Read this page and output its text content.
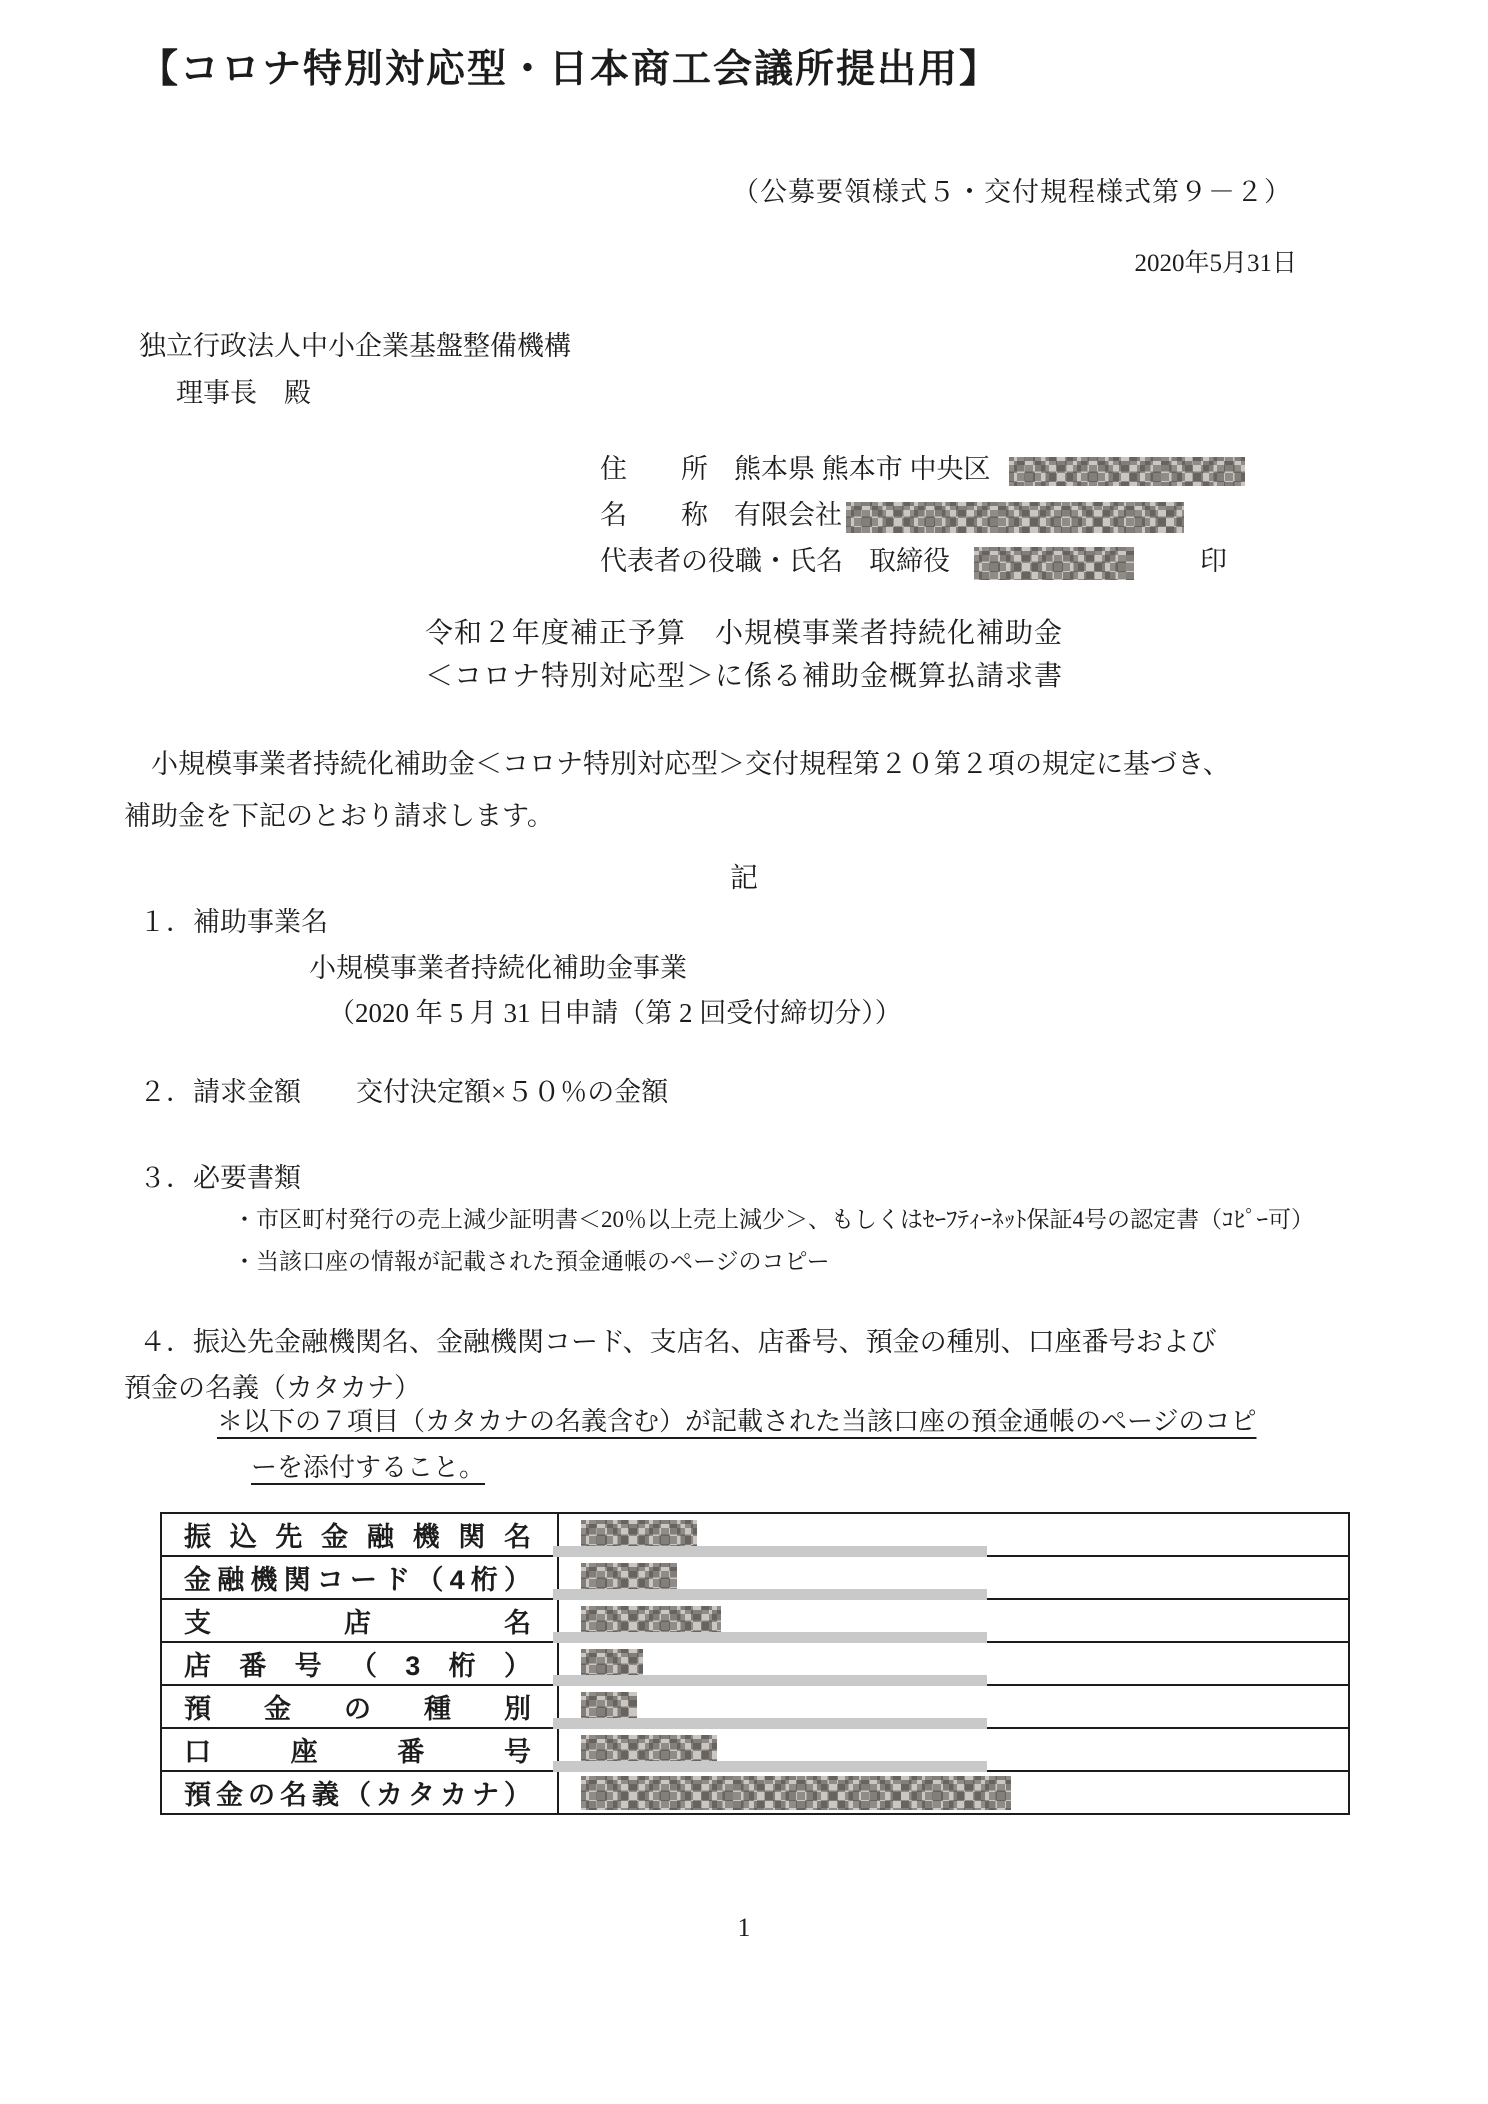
【コロナ特別対応型・日本商工会議所提出用】
（公募要領様式５・交付規程様式第９－２）
2020年5月31日
独立行政法人中小企業基盤整備機構
理事長　殿
住　　所 熊本県 熊本市 中央区
名　　称 有限会社
代表者の役職・氏名 取締役	印
令和２年度補正予算　小規模事業者持続化補助金
＜コロナ特別対応型＞に係る補助金概算払請求書
　小規模事業者持続化補助金＜コロナ特別対応型＞交付規程第２０第２項の規定に基づき、
補助金を下記のとおり請求します。
記
１．補助事業名
小規模事業者持続化補助金事業
（2020 年 5 月 31 日申請（第 2 回受付締切分））
２．請求金額 交付決定額×５０％の金額
３．必要書類
・市区町村発行の売上減少証明書＜20％以上売上減少＞、もしくはｾｰﾌﾃｨｰﾈｯﾄ保証4号の認定書（ｺﾋﾟｰ可）
・当該口座の情報が記載された預金通帳のページのコピー
４．振込先金融機関名、金融機関コード、支店名、店番号、預金の種別、口座番号および
預金の名義（カタカナ）
＊以下の７項目（カタカナの名義含む）が記載された当該口座の預金通帳のページのコピ
ーを添付すること。
振込先金融機関名	

金融機関コード（4桁）	

支店名	

店番号（3桁）	

預金の種別	

口座番号	

預金の名義（カタカナ）	
1
